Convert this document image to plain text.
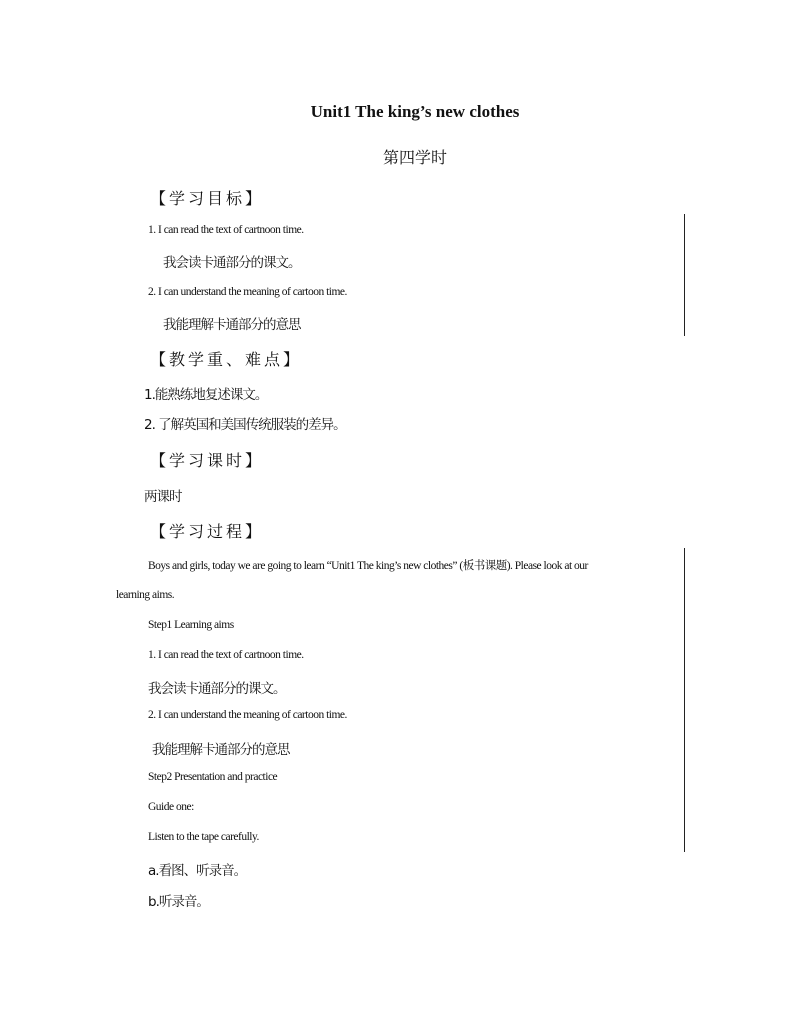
Unit1 The king’s new clothes
第四学时
【学习目标】
1. I can read the text of cartnoon time.
我会读卡通部分的课文。
2. I can understand the meaning of cartoon time.
我能理解卡通部分的意思
【教学重、难点】
1.能熟练地复述课文。
2. 了解英国和美国传统服装的差异。
【学习课时】
两课时
【学习过程】
Boys and girls, today we are going to learn “Unit1 The king’s new clothes” (板书课题). Please look at our
learning aims.
Step1 Learning aims
1. I can read the text of cartnoon time.
我会读卡通部分的课文。
2. I can understand the meaning of cartoon time.
我能理解卡通部分的意思
Step2 Presentation and practice
Guide one:
Listen to the tape carefully.
a.看图、听录音。
b.听录音。
